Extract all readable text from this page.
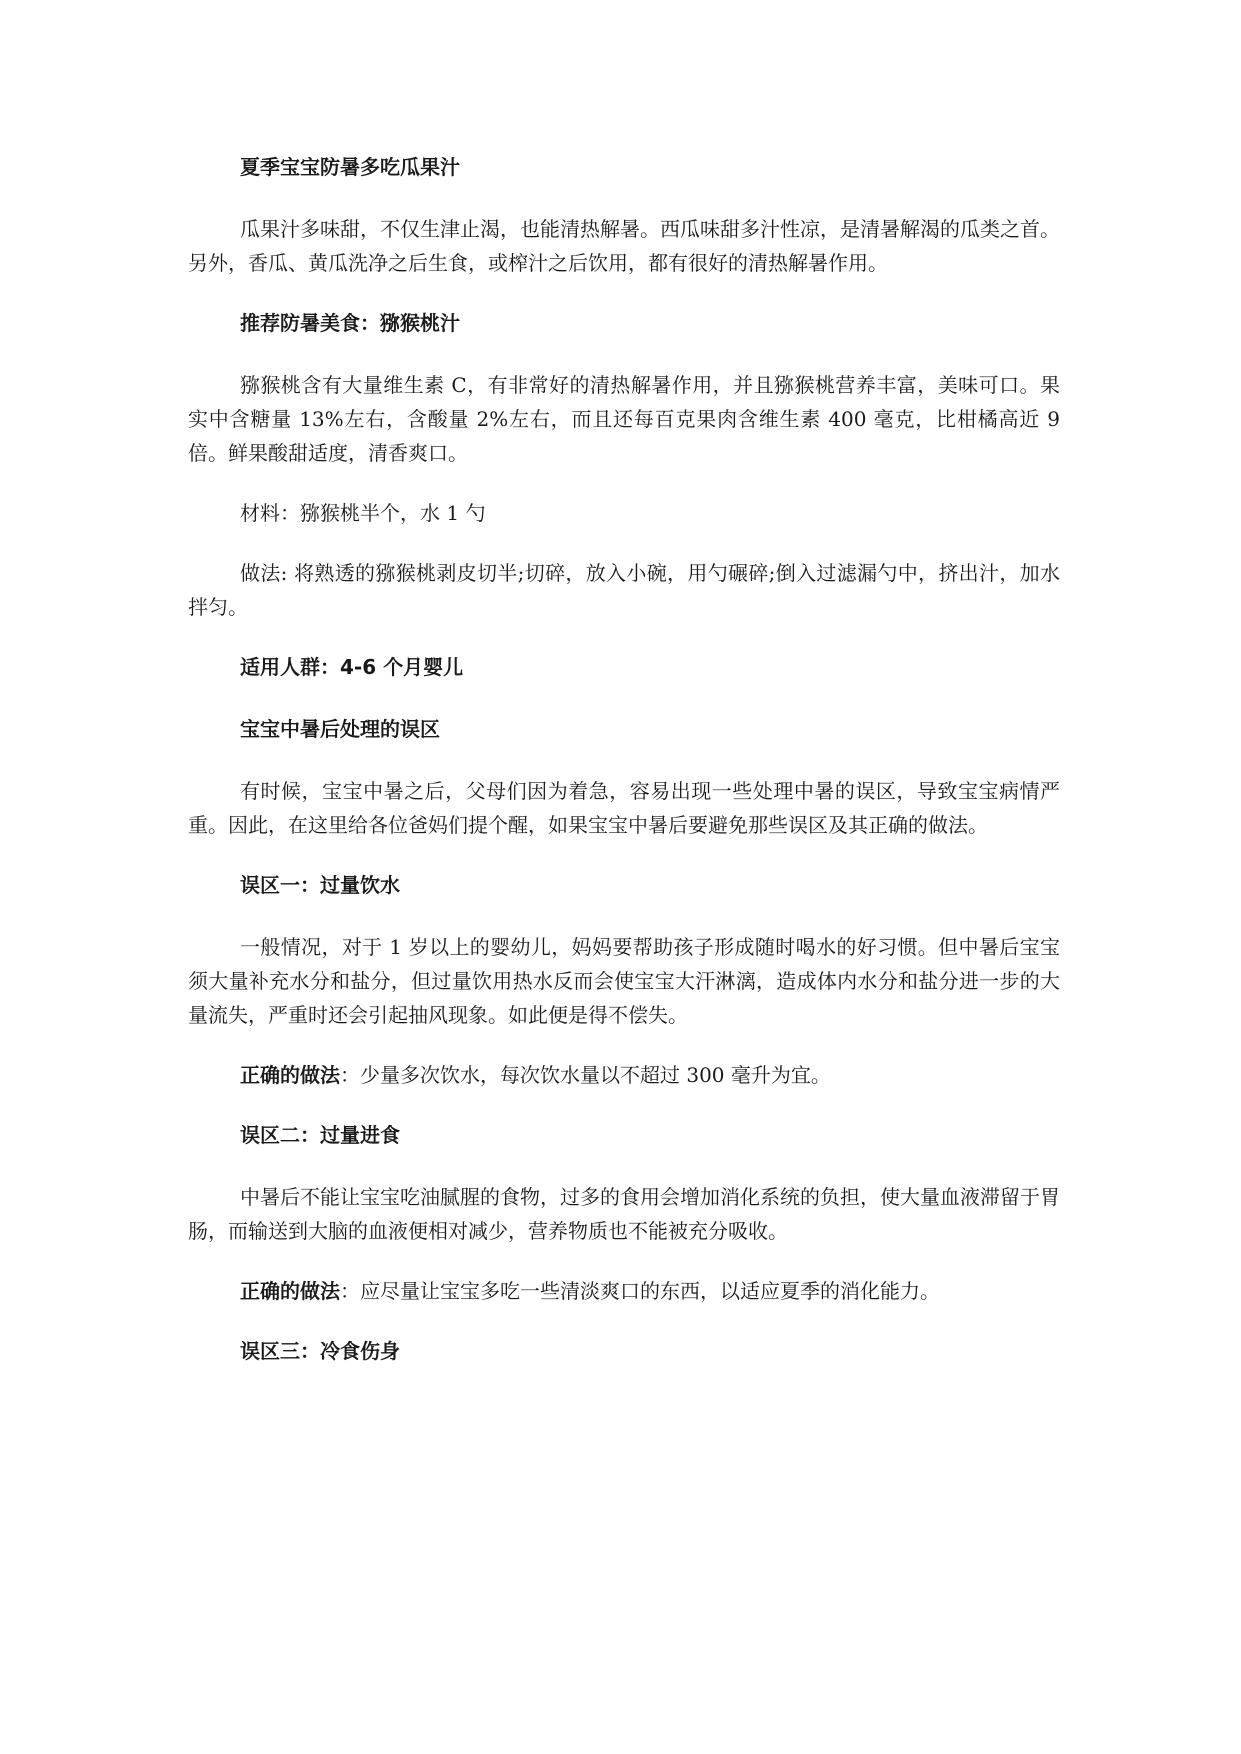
夏季宝宝防暑多吃瓜果汁

瓜果汁多味甜，不仅生津止渴，也能清热解暑。西瓜味甜多汁性凉，是清暑解渴的瓜类之首。另外，香瓜、黄瓜洗净之后生食，或榨汁之后饮用，都有很好的清热解暑作用。

推荐防暑美食：猕猴桃汁

猕猴桃含有大量维生素 C，有非常好的清热解暑作用，并且猕猴桃营养丰富，美味可口。果实中含糖量 13%左右，含酸量 2%左右，而且还每百克果肉含维生素 400 毫克，比柑橘高近 9 倍。鲜果酸甜适度，清香爽口。

材料：猕猴桃半个，水 1 勺

做法: 将熟透的猕猴桃剥皮切半;切碎，放入小碗，用勺碾碎;倒入过滤漏勺中，挤出汁，加水拌匀。

适用人群：4-6 个月婴儿

宝宝中暑后处理的误区

有时候，宝宝中暑之后，父母们因为着急，容易出现一些处理中暑的误区，导致宝宝病情严重。因此，在这里给各位爸妈们提个醒，如果宝宝中暑后要避免那些误区及其正确的做法。

误区一：过量饮水

一般情况，对于 1 岁以上的婴幼儿，妈妈要帮助孩子形成随时喝水的好习惯。但中暑后宝宝须大量补充水分和盐分，但过量饮用热水反而会使宝宝大汗淋漓，造成体内水分和盐分进一步的大量流失，严重时还会引起抽风现象。如此便是得不偿失。

正确的做法：少量多次饮水，每次饮水量以不超过 300 毫升为宜。

误区二：过量进食

中暑后不能让宝宝吃油腻腥的食物，过多的食用会增加消化系统的负担，使大量血液滞留于胃肠，而输送到大脑的血液便相对减少，营养物质也不能被充分吸收。

正确的做法：应尽量让宝宝多吃一些清淡爽口的东西，以适应夏季的消化能力。

误区三：冷食伤身
